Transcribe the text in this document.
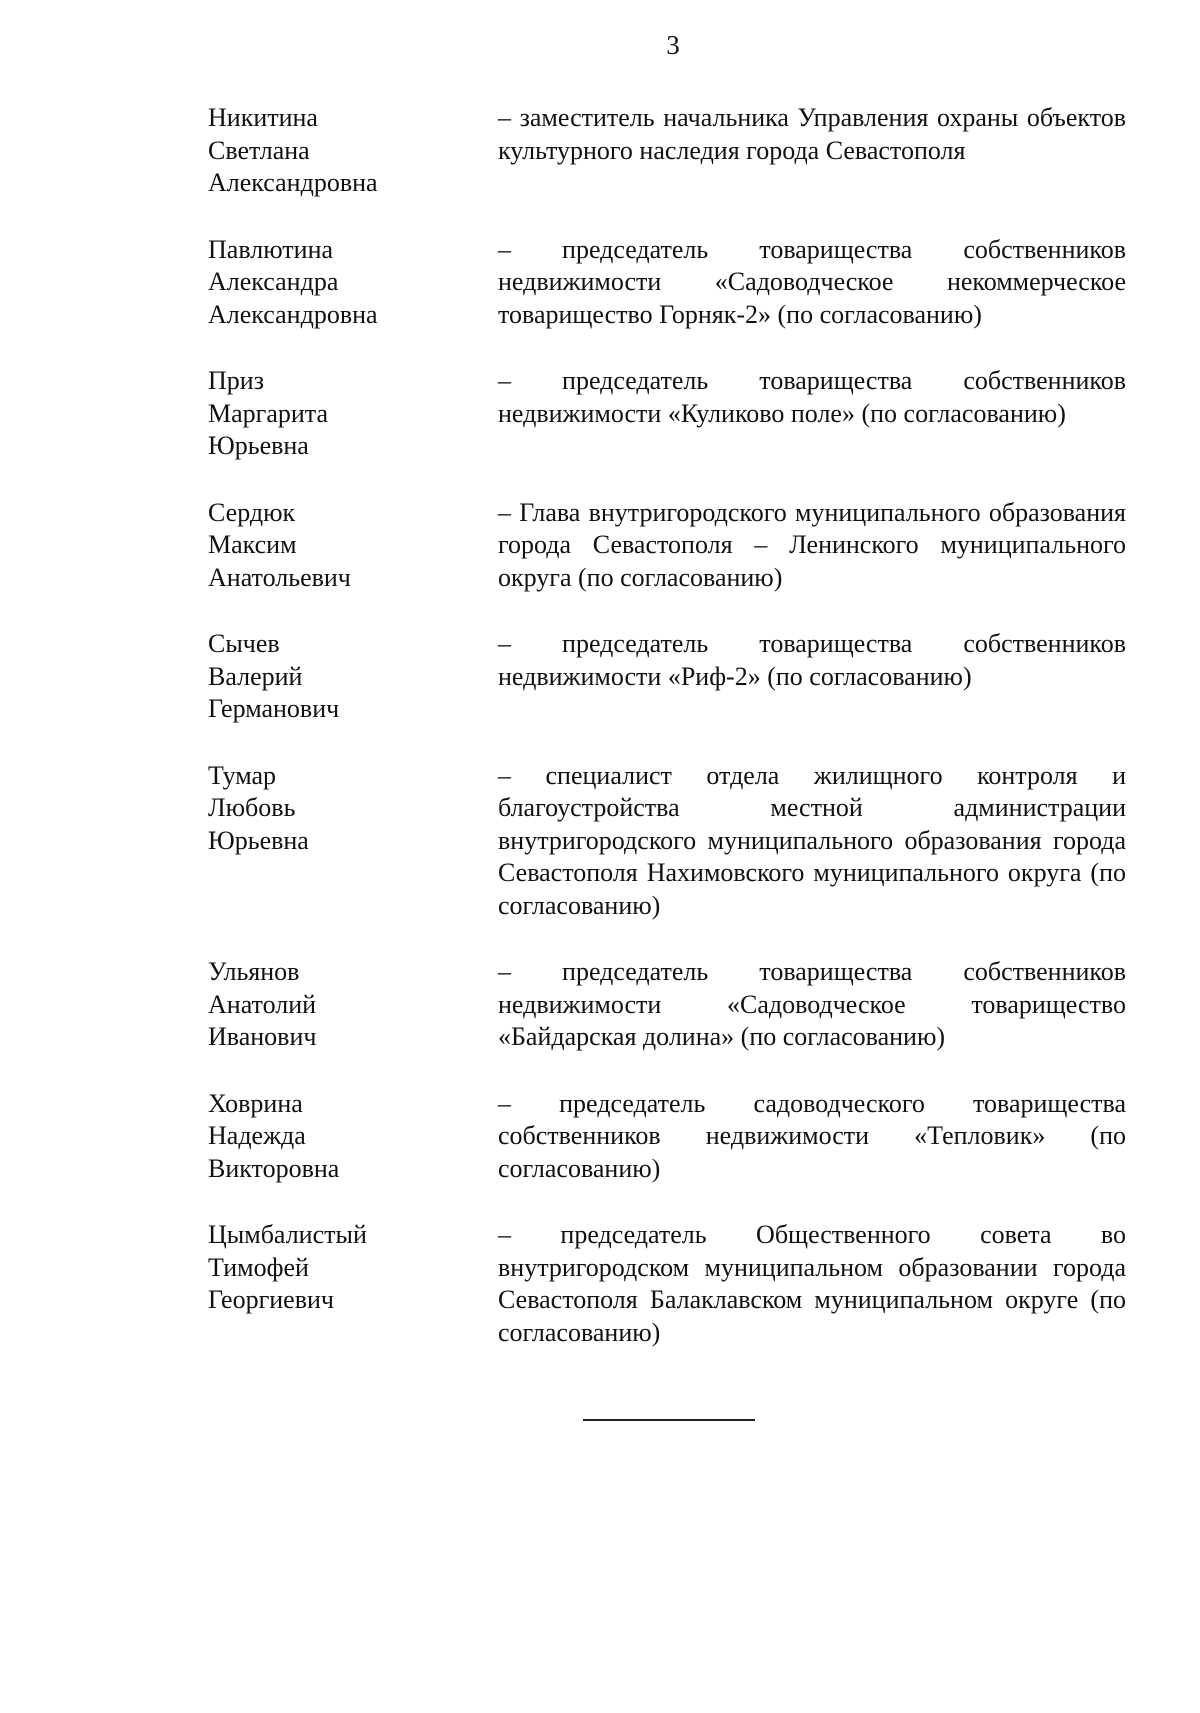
3
Никитина
Светлана
Александровна
– заместитель начальника Управления охраны объектов культурного наследия города Севастополя
Павлютина
Александра
Александровна
– председатель товарищества собственников недвижимости «Садоводческое некоммерческое товарищество Горняк-2» (по согласованию)
Приз
Маргарита
Юрьевна
– председатель товарищества собственников недвижимости «Куликово поле» (по согласованию)
Сердюк
Максим
Анатольевич
– Глава внутригородского муниципального образования города Севастополя – Ленинского муниципального округа (по согласованию)
Сычев
Валерий
Германович
– председатель товарищества собственников недвижимости «Риф-2» (по согласованию)
Тумар
Любовь
Юрьевна
– специалист отдела жилищного контроля и благоустройства местной администрации внутригородского муниципального образования города Севастополя Нахимовского муниципального округа (по согласованию)
Ульянов
Анатолий
Иванович
– председатель товарищества собственников недвижимости «Садоводческое товарищество «Байдарская долина» (по согласованию)
Ховрина
Надежда
Викторовна
– председатель садоводческого товарищества собственников недвижимости «Тепловик» (по согласованию)
Цымбалистый
Тимофей
Георгиевич
– председатель Общественного совета во внутригородском муниципальном образовании города Севастополя Балаклавском муниципальном округе (по согласованию)
